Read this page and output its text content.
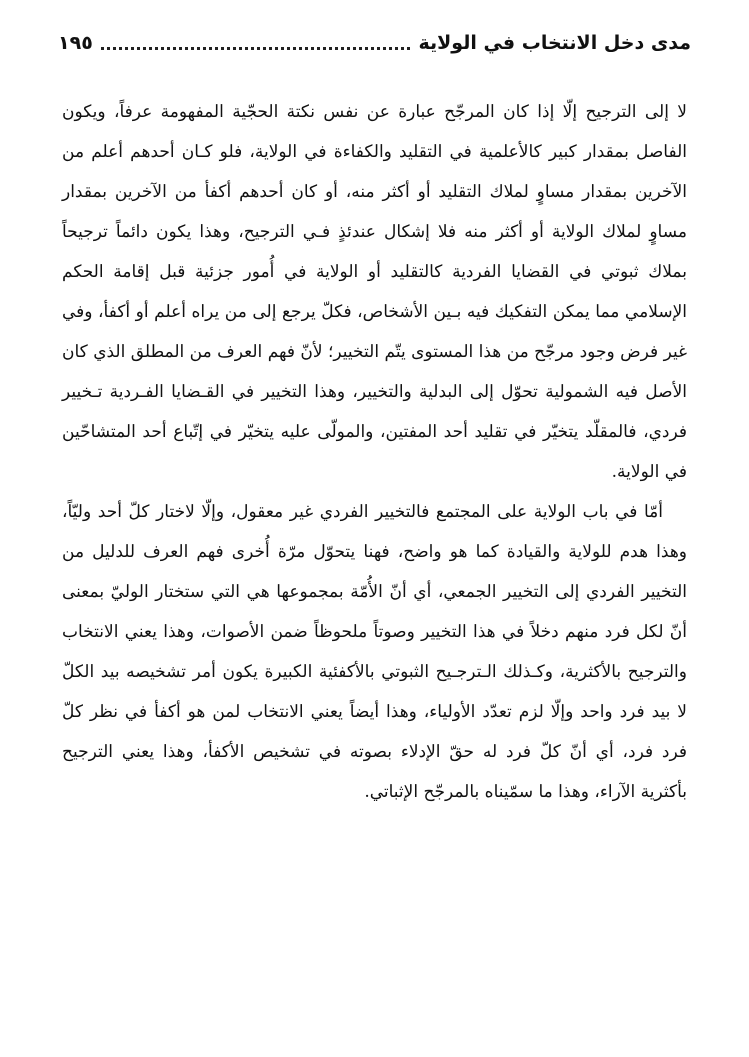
مدى دخل الانتخاب في الولاية
١٩٥

لا إلى الترجيح إلّا إذا كان المرجّح عبارة عن نفس نكتة الحجّية المفهومة عرفاً، ويكون الفاصل بمقدار كبير كالأعلمية في التقليد والكفاءة في الولاية، فلو كـان أحدهم أعلم من الآخرين بمقدار مساوٍ لملاك التقليد أو أكثر منه، أو كان أحدهم أكفأ من الآخرين بمقدار مساوٍ لملاك الولاية أو أكثر منه فلا إشكال عندئذٍ فـي الترجيح، وهذا يكون دائماً ترجيحاً بملاك ثبوتي في القضايا الفردية كالتقليد أو الولاية في أُمور جزئية قبل إقامة الحكم الإسلامي مما يمكن التفكيك فيه بـين الأشخاص، فكلّ يرجع إلى من يراه أعلم أو أكفأ، وفي غير فرض وجود مرجّح من هذا المستوى يتّم التخيير؛ لأنّ فهم العرف من المطلق الذي كان الأصل فيه الشمولية تحوّل إلى البدلية والتخيير، وهذا التخيير في القـضايا الفـردية تـخيير فردي، فالمقلّد يتخيّر في تقليد أحد المفتين، والمولّى عليه يتخيّر في إتّباع أحد المتشاحّين في الولاية.

أمّا في باب الولاية على المجتمع فالتخيير الفردي غير معقول، وإلّا لاختار كلّ أحد وليّاً، وهذا هدم للولاية والقيادة كما هو واضح، فهنا يتحوّل مرّة أُخرى فهم العرف للدليل من التخيير الفردي إلى التخيير الجمعي، أي أنّ الأُمّة بمجموعها هي التي ستختار الوليّ بمعنى أنّ لكل فرد منهم دخلاً في هذا التخيير وصوتاً ملحوظاً ضمن الأصوات، وهذا يعني الانتخاب والترجيح بالأكثرية، وكـذلك الـترجـيح الثبوتي بالأكفئية الكبيرة يكون أمر تشخيصه بيد الكلّ لا بيد فرد واحد وإلّا لزم تعدّد الأولياء، وهذا أيضاً يعني الانتخاب لمن هو أكفأ في نظر كلّ فرد فرد، أي أنّ كلّ فرد له حقّ الإدلاء بصوته في تشخيص الأكفأ، وهذا يعني الترجيح بأكثرية الآراء، وهذا ما سمّيناه بالمرجّح الإثباتي.
